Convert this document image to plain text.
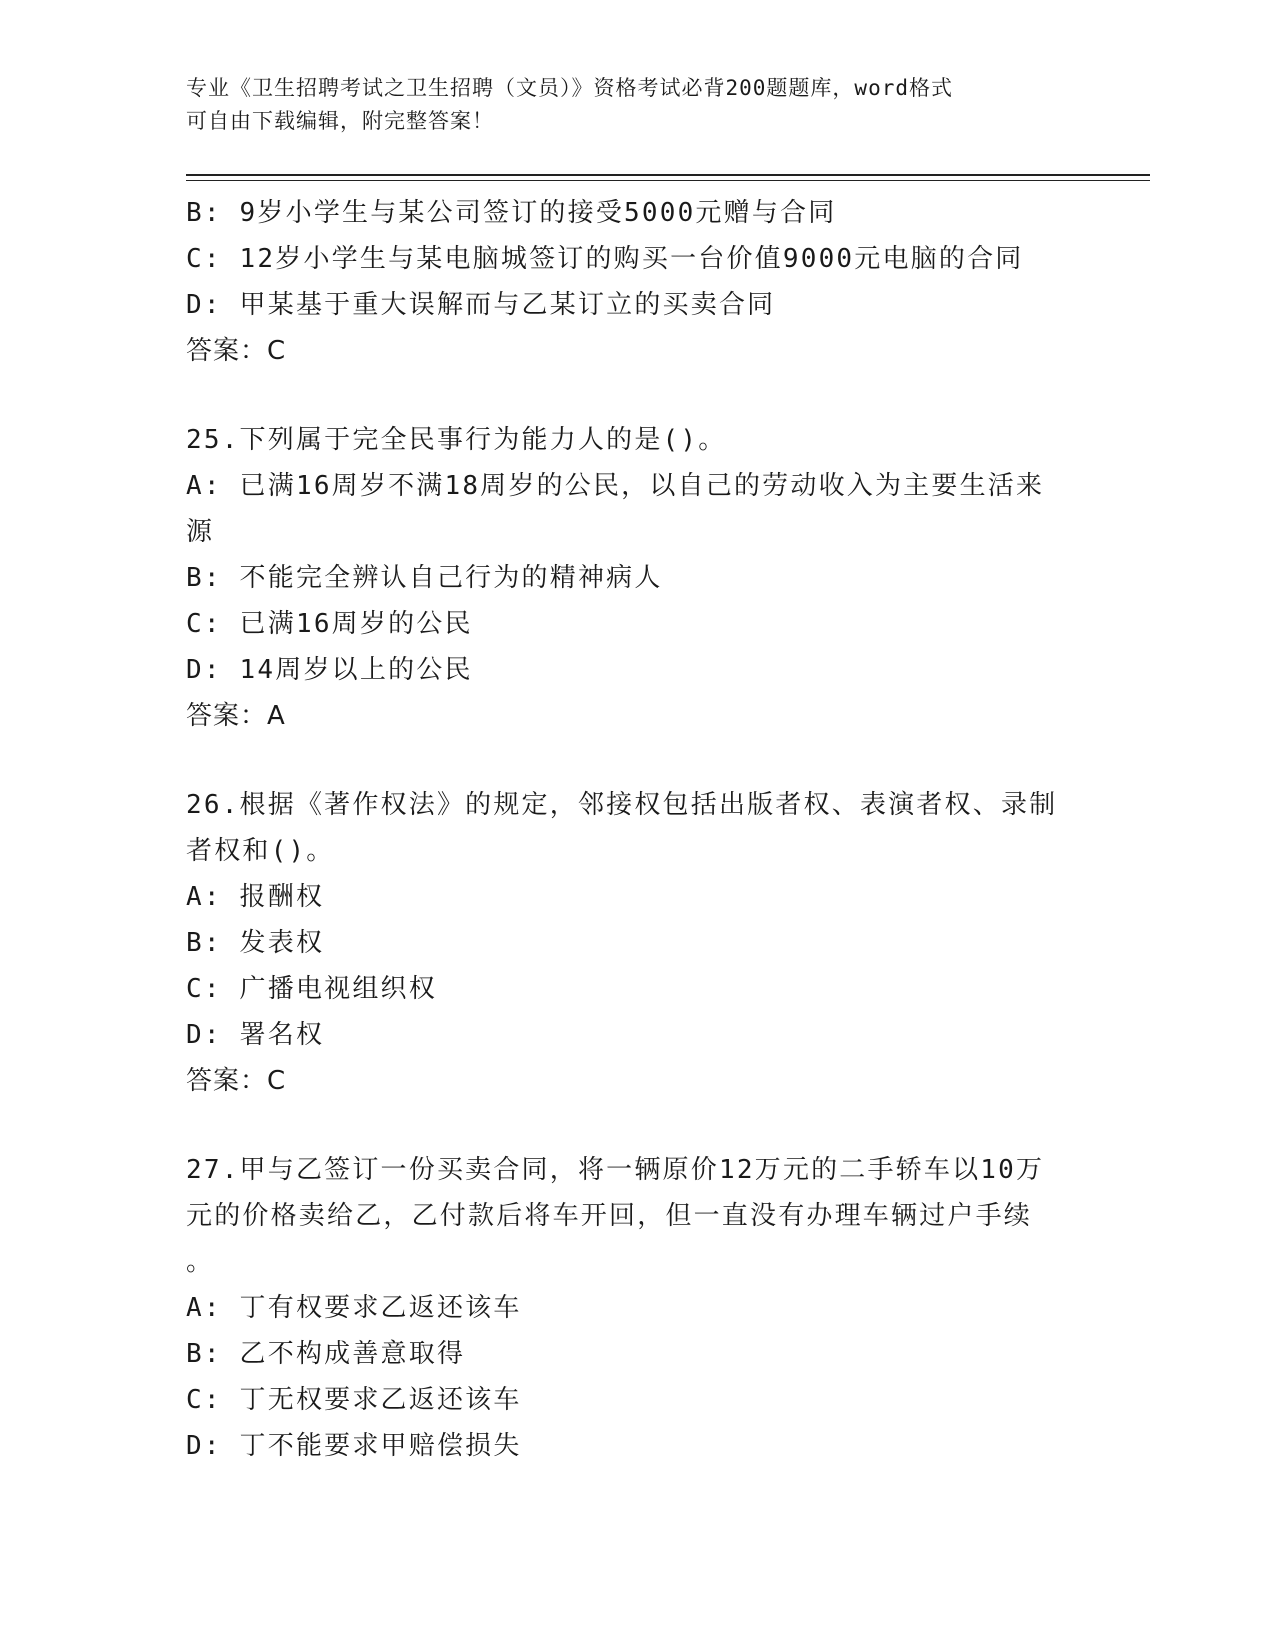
专业《卫生招聘考试之卫生招聘（文员）》资格考试必背200题题库，word格式
可自由下载编辑，附完整答案！
B: 9岁小学生与某公司签订的接受5000元赠与合同
C: 12岁小学生与某电脑城签订的购买一台价值9000元电脑的合同
D: 甲某基于重大误解而与乙某订立的买卖合同
答案：C
25.下列属于完全民事行为能力人的是()。
A: 已满16周岁不满18周岁的公民，以自己的劳动收入为主要生活来
源
B: 不能完全辨认自己行为的精神病人
C: 已满16周岁的公民
D: 14周岁以上的公民
答案：A
26.根据《著作权法》的规定，邻接权包括出版者权、表演者权、录制
者权和()。
A: 报酬权
B: 发表权
C: 广播电视组织权
D: 署名权
答案：C
27.甲与乙签订一份买卖合同，将一辆原价12万元的二手轿车以10万
元的价格卖给乙，乙付款后将车开回，但一直没有办理车辆过户手续
。
A: 丁有权要求乙返还该车
B: 乙不构成善意取得
C: 丁无权要求乙返还该车
D: 丁不能要求甲赔偿损失
